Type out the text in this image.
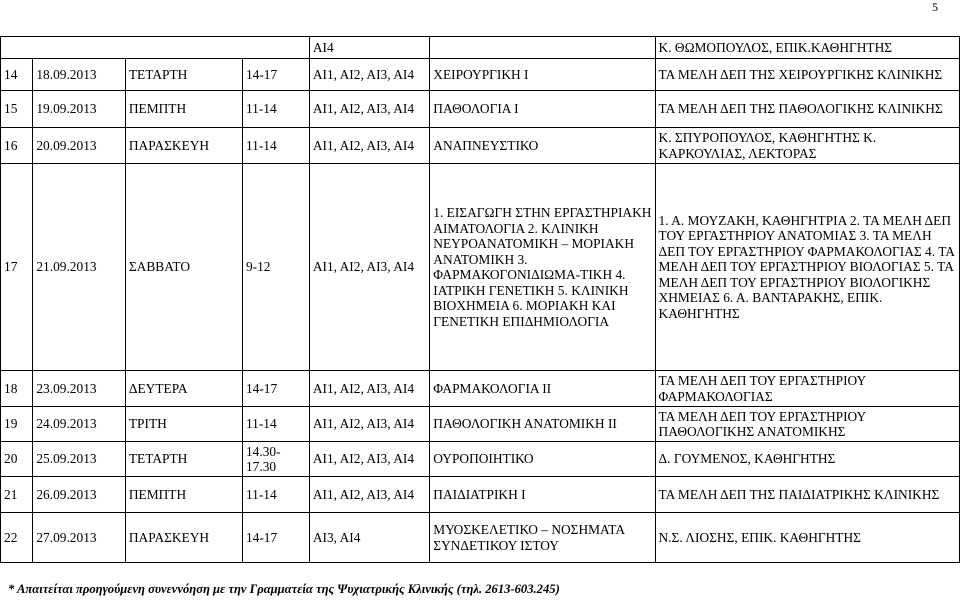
5
				ΑΙ4		Κ. ΘΩΜΟΠΟΥΛΟΣ, ΕΠΙΚ.ΚΑΘΗΓΗΤΗΣ
14	18.09.2013	ΤΕΤΑΡΤΗ	14-17	ΑΙ1, ΑΙ2, ΑΙ3, ΑΙ4	ΧΕΙΡΟΥΡΓΙΚΗ Ι	ΤΑ ΜΕΛΗ ΔΕΠ ΤΗΣ ΧΕΙΡΟΥΡΓΙΚΗΣ ΚΛΙΝΙΚΗΣ
15	19.09.2013	ΠΕΜΠΤΗ	11-14	ΑΙ1, ΑΙ2, ΑΙ3, ΑΙ4	ΠΑΘΟΛΟΓΙΑ Ι	ΤΑ ΜΕΛΗ ΔΕΠ ΤΗΣ ΠΑΘΟΛΟΓΙΚΗΣ ΚΛΙΝΙΚΗΣ
16	20.09.2013	ΠΑΡΑΣΚΕΥΗ	11-14	ΑΙ1, ΑΙ2, ΑΙ3, ΑΙ4	ΑΝΑΠΝΕΥΣΤΙΚΟ	Κ. ΣΠΥΡΟΠΟΥΛΟΣ, ΚΑΘΗΓΗΤΗΣ Κ. ΚΑΡΚΟΥΛΙΑΣ, ΛΕΚΤΟΡΑΣ
17	21.09.2013	ΣΑΒΒΑΤΟ	9-12	ΑΙ1, ΑΙ2, ΑΙ3, ΑΙ4	1. ΕΙΣΑΓΩΓΗ ΣΤΗΝ ΕΡΓΑΣΤΗΡΙΑΚΗ ΑΙΜΑΤΟΛΟΓΙΑ 2. ΚΛΙΝΙΚΗ ΝΕΥΡΟΑΝΑΤΟΜΙΚΗ – ΜΟΡΙΑΚΗ ΑΝΑΤΟΜΙΚΗ 3. ΦΑΡΜΑΚΟΓΟΝΙΔΙΩΜΑ-ΤΙΚΗ 4. ΙΑΤΡΙΚΗ ΓΕΝΕΤΙΚΗ 5. ΚΛΙΝΙΚΗ ΒΙΟΧΗΜΕΙΑ 6. ΜΟΡΙΑΚΗ ΚΑΙ ΓΕΝΕΤΙΚΗ ΕΠΙΔΗΜΙΟΛΟΓΙΑ	1. Α. ΜΟΥΖΑΚΗ, ΚΑΘΗΓΗΤΡΙΑ 2. ΤΑ ΜΕΛΗ ΔΕΠ ΤΟΥ ΕΡΓΑΣΤΗΡΙΟΥ ΑΝΑΤΟΜΙΑΣ 3. ΤΑ ΜΕΛΗ ΔΕΠ ΤΟΥ ΕΡΓΑΣΤΗΡΙΟΥ ΦΑΡΜΑΚΟΛΟΓΙΑΣ 4. ΤΑ ΜΕΛΗ ΔΕΠ ΤΟΥ ΕΡΓΑΣΤΗΡΙΟΥ ΒΙΟΛΟΓΙΑΣ 5. ΤΑ ΜΕΛΗ ΔΕΠ ΤΟΥ ΕΡΓΑΣΤΗΡΙΟΥ ΒΙΟΛΟΓΙΚΗΣ ΧΗΜΕΙΑΣ 6. Α. ΒΑΝΤΑΡΑΚΗΣ, ΕΠΙΚ. ΚΑΘΗΓΗΤΗΣ
18	23.09.2013	ΔΕΥΤΕΡΑ	14-17	ΑΙ1, ΑΙ2, ΑΙ3, ΑΙ4	ΦΑΡΜΑΚΟΛΟΓΙΑ ΙΙ	ΤΑ ΜΕΛΗ ΔΕΠ ΤΟΥ ΕΡΓΑΣΤΗΡΙΟΥ ΦΑΡΜΑΚΟΛΟΓΙΑΣ
19	24.09.2013	ΤΡΙΤΗ	11-14	ΑΙ1, ΑΙ2, ΑΙ3, ΑΙ4	ΠΑΘΟΛΟΓΙΚΗ ΑΝΑΤΟΜΙΚΗ ΙΙ	ΤΑ ΜΕΛΗ ΔΕΠ ΤΟΥ ΕΡΓΑΣΤΗΡΙΟΥ ΠΑΘΟΛΟΓΙΚΗΣ ΑΝΑΤΟΜΙΚΗΣ
20	25.09.2013	ΤΕΤΑΡΤΗ	14.30-17.30	ΑΙ1, ΑΙ2, ΑΙ3, ΑΙ4	ΟΥΡΟΠΟΙΗΤΙΚΟ	Δ. ΓΟΥΜΕΝΟΣ, ΚΑΘΗΓΗΤΗΣ
21	26.09.2013	ΠΕΜΠΤΗ	11-14	ΑΙ1, ΑΙ2, ΑΙ3, ΑΙ4	ΠΑΙΔΙΑΤΡΙΚΗ Ι	ΤΑ ΜΕΛΗ ΔΕΠ ΤΗΣ ΠΑΙΔΙΑΤΡΙΚΗΣ ΚΛΙΝΙΚΗΣ
22	27.09.2013	ΠΑΡΑΣΚΕΥΗ	14-17	ΑΙ3, ΑΙ4	ΜΥΟΣΚΕΛΕΤΙΚΟ – ΝΟΣΗΜΑΤΑ ΣΥΝΔΕΤΙΚΟΥ ΙΣΤΟΥ	Ν.Σ. ΛΙΟΣΗΣ, ΕΠΙΚ. ΚΑΘΗΓΗΤΗΣ
* Απαιτείται προηγούμενη συνεννόηση με την Γραμματεία της Ψυχιατρικής Κλινικής (τηλ. 2613-603.245)
